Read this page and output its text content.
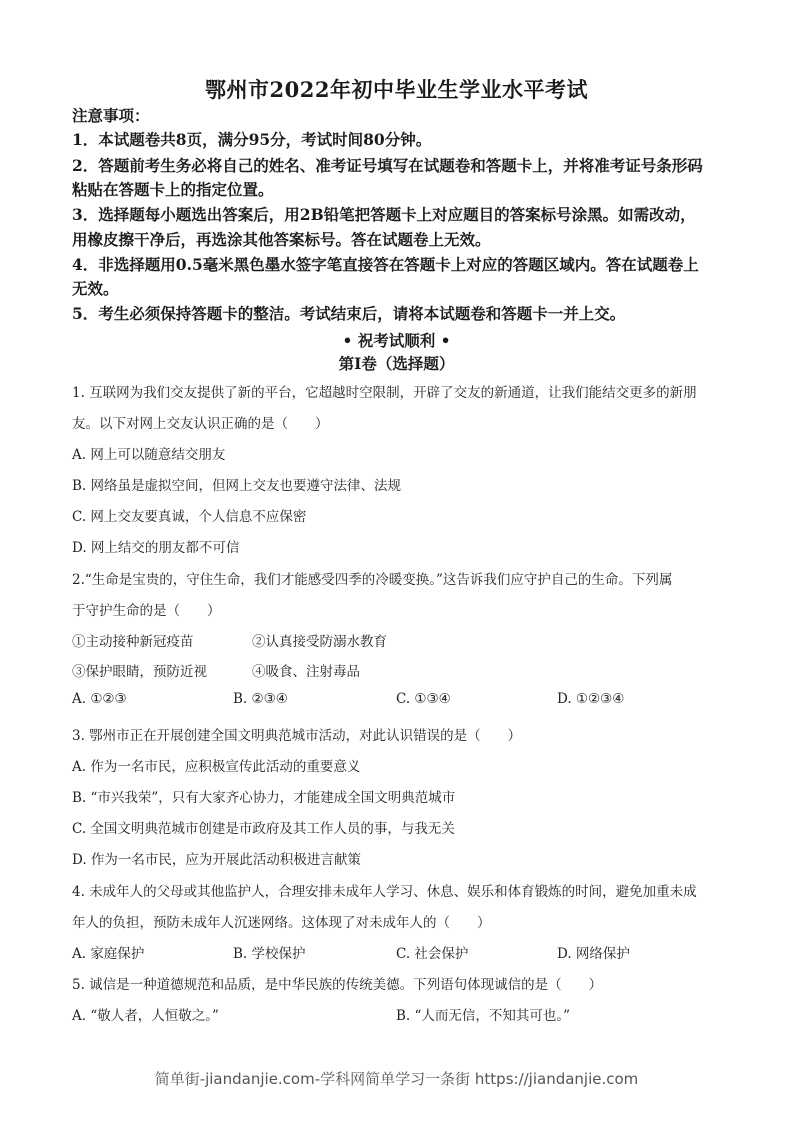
鄂州市2022年初中毕业生学业水平考试
注意事项：
1．本试题卷共8页，满分95分，考试时间80分钟。
2．答题前考生务必将自己的姓名、准考证号填写在试题卷和答题卡上，并将准考证号条形码
粘贴在答题卡上的指定位置。
3．选择题每小题选出答案后，用2B铅笔把答题卡上对应题目的答案标号涂黑。如需改动，
用橡皮擦干净后，再选涂其他答案标号。答在试题卷上无效。
4．非选择题用0.5毫米黑色墨水签字笔直接答在答题卡上对应的答题区域内。答在试题卷上
无效。
5．考生必须保持答题卡的整洁。考试结束后，请将本试题卷和答题卡一并上交。
• 祝考试顺利 •
第Ⅰ卷（选择题）
1. 互联网为我们交友提供了新的平台，它超越时空限制，开辟了交友的新通道，让我们能结交更多的新朋
友。以下对网上交友认识正确的是（　　）
A. 网上可以随意结交朋友
B. 网络虽是虚拟空间，但网上交友也要遵守法律、法规
C. 网上交友要真诚，个人信息不应保密
D. 网上结交的朋友都不可信
2.“生命是宝贵的，守住生命，我们才能感受四季的冷暖变换。”这告诉我们应守护自己的生命。下列属
于守护生命的是（　　）
①主动接种新冠疫苗	②认真接受防溺水教育
③保护眼睛，预防近视	④吸食、注射毒品
A. ①②③	B. ②③④	C. ①③④	D. ①②③④
3. 鄂州市正在开展创建全国文明典范城市活动，对此认识错误的是（　　）
A. 作为一名市民，应积极宣传此活动的重要意义
B. “市兴我荣”，只有大家齐心协力，才能建成全国文明典范城市
C. 全国文明典范城市创建是市政府及其工作人员的事，与我无关
D. 作为一名市民，应为开展此活动积极进言献策
4. 未成年人的父母或其他监护人，合理安排未成年人学习、休息、娱乐和体育锻炼的时间，避免加重未成
年人的负担，预防未成年人沉迷网络。这体现了对未成年人的（　　）
A. 家庭保护	B. 学校保护	C. 社会保护	D. 网络保护
5. 诚信是一种道德规范和品质，是中华民族的传统美德。下列语句体现诚信的是（　　）
A. “敬人者，人恒敬之。”	B. “人而无信，不知其可也。”
简单街-jiandanjie.com-学科网简单学习一条街 https://jiandanjie.com
